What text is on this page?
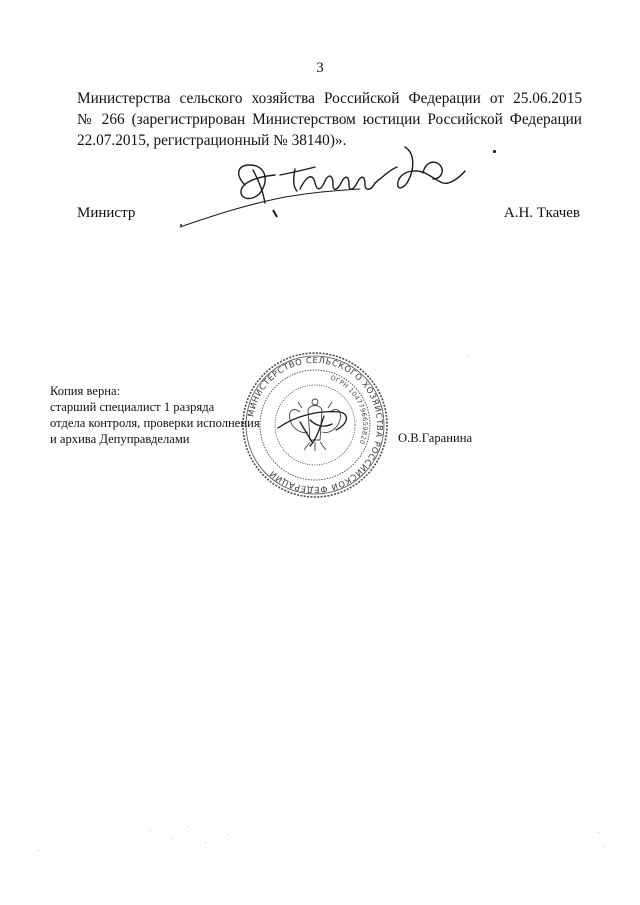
3
Министерства сельского хозяйства Российской Федерации от 25.06.2015
№ 266 (зарегистрирован Министерством юстиции Российской Федерации
22.07.2015, регистрационный № 38140)».
Министр	А.Н. Ткачев
МИНИСТЕРСТВО СЕЛЬСКОГО ХОЗЯЙСТВА РОССИЙСКОЙ ФЕДЕРАЦИИ
ОГРН 1047796659820
Копия верна:
старший специалист 1 разряда
отдела контроля, проверки исполнения
и архива Депуправделами	О.В.Гаранина
